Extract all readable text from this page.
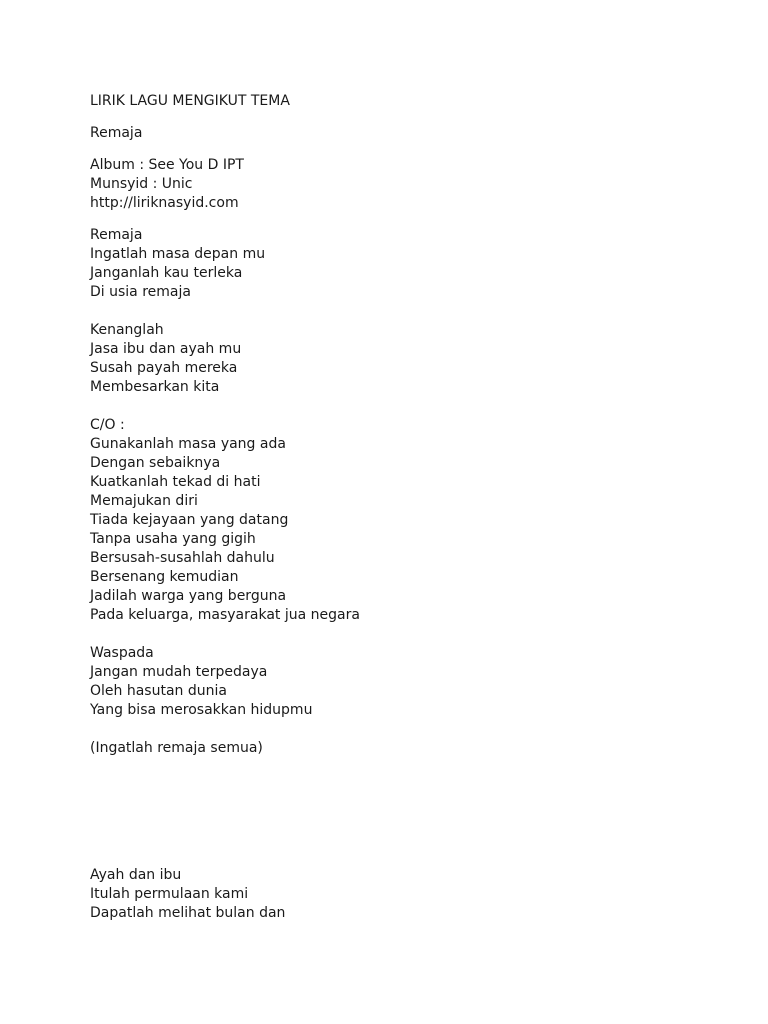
LIRIK LAGU MENGIKUT TEMA
Remaja
Album : See You D IPT
Munsyid : Unic
http://liriknasyid.com
Remaja
Ingatlah masa depan mu
Janganlah kau terleka
Di usia remaja
Kenanglah
Jasa ibu dan ayah mu
Susah payah mereka
Membesarkan kita
C/O :
Gunakanlah masa yang ada
Dengan sebaiknya
Kuatkanlah tekad di hati
Memajukan diri
Tiada kejayaan yang datang
Tanpa usaha yang gigih
Bersusah-susahlah dahulu
Bersenang kemudian
Jadilah warga yang berguna
Pada keluarga, masyarakat jua negara
Waspada
Jangan mudah terpedaya
Oleh hasutan dunia
Yang bisa merosakkan hidupmu
(Ingatlah remaja semua)
Ayah dan ibu
Itulah permulaan kami
Dapatlah melihat bulan dan
